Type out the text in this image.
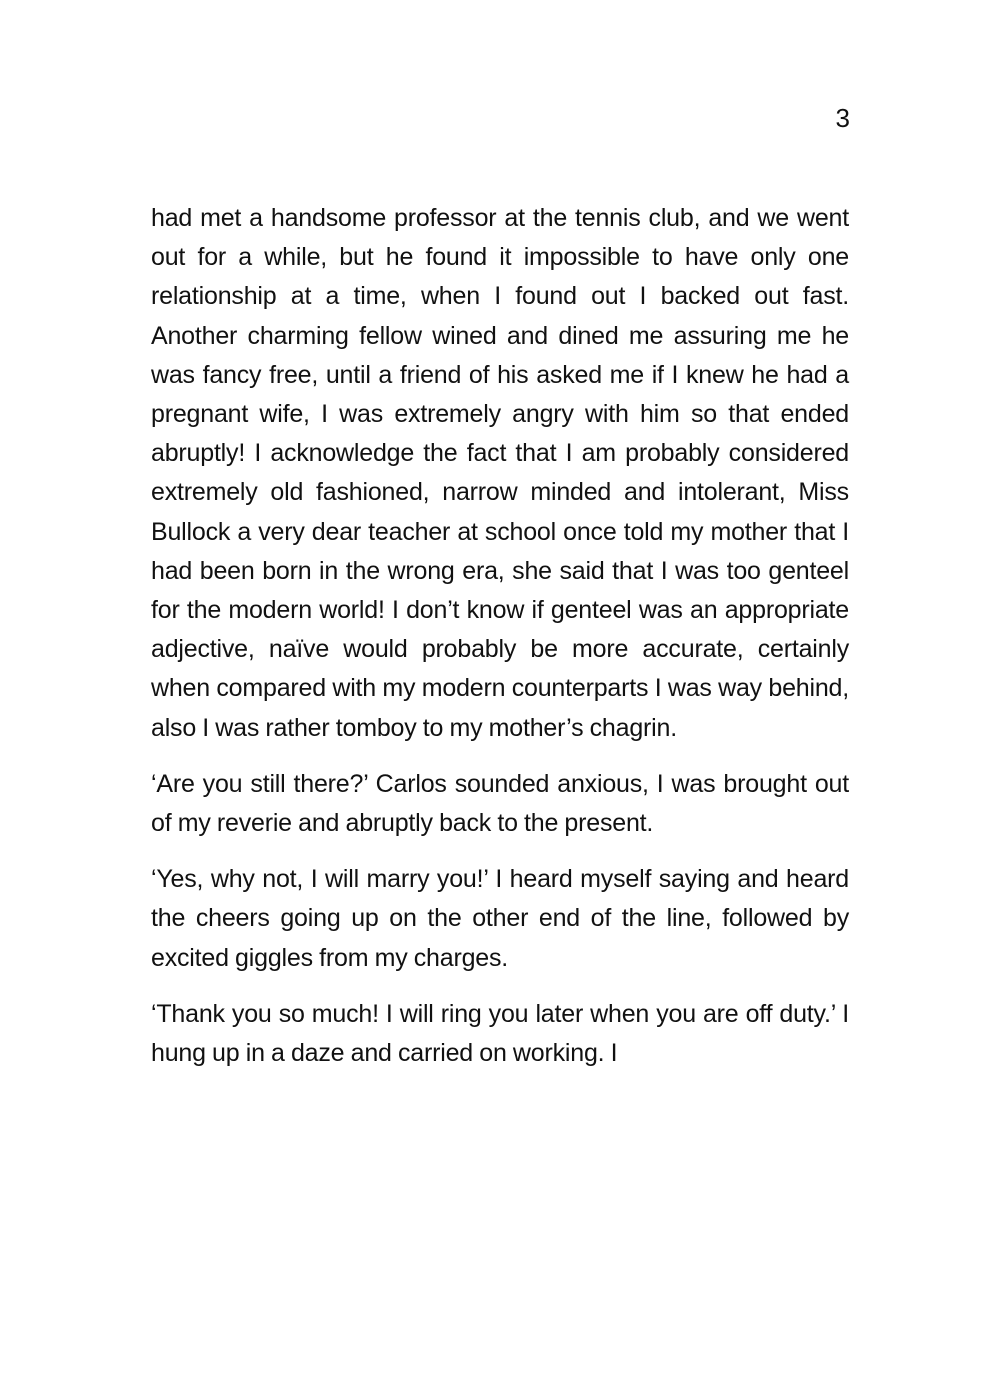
3

had met a handsome professor at the tennis club, and we went out for a while, but he found it impossible to have only one relationship at a time, when I found out I backed out fast. Another charming fellow wined and dined me assuring me he was fancy free, until a friend of his asked me if I knew he had a pregnant wife, I was extremely angry with him so that ended abruptly! I acknowledge the fact that I am probably considered extremely old fashioned, narrow minded and intolerant, Miss Bullock a very dear teacher at school once told my mother that I had been born in the wrong era, she said that I was too genteel for the modern world! I don’t know if genteel was an appropriate adjective, naïve would probably be more accurate, certainly when compared with my modern counterparts I was way behind, also I was rather tomboy to my mother’s chagrin.

‘Are you still there?’ Carlos sounded anxious, I was brought out of my reverie and abruptly back to the present.

‘Yes, why not, I will marry you!’ I heard myself saying and heard the cheers going up on the other end of the line, followed by excited giggles from my charges.

‘Thank you so much! I will ring you later when you are off duty.’ I hung up in a daze and carried on working. I
